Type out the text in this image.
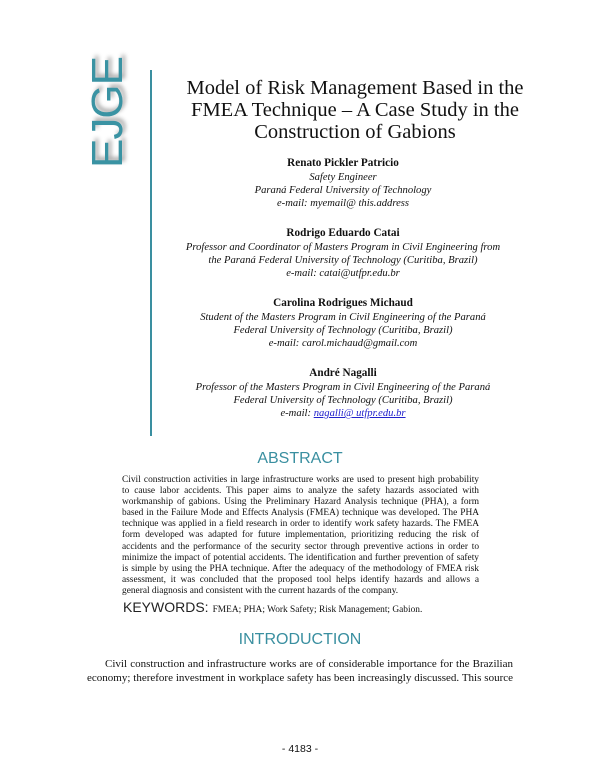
EJGE	Model of Risk Management Based in the
FMEA Technique – A Case Study in the
Construction of Gabions
Renato Pickler Patricio
Safety Engineer
Paraná Federal University of Technology
e-mail: myemail@ this.address
Rodrigo Eduardo Catai
Professor and Coordinator of Masters Program in Civil Engineering from
the Paraná Federal University of Technology (Curitiba, Brazil)
e-mail: catai@utfpr.edu.br
Carolina Rodrigues Michaud
Student of the Masters Program in Civil Engineering of the Paraná
Federal University of Technology (Curitiba, Brazil)
e-mail: carol.michaud@gmail.com
André Nagalli
Professor of the Masters Program in Civil Engineering of the Paraná
Federal University of Technology (Curitiba, Brazil)
e-mail: nagalli@ utfpr.edu.br
ABSTRACT
Civil construction activities in large infrastructure works are used to present high probability
to cause labor accidents. This paper aims to analyze the safety hazards associated with
workmanship of gabions. Using the Preliminary Hazard Analysis technique (PHA), a form
based in the Failure Mode and Effects Analysis (FMEA) technique was developed. The PHA
technique was applied in a field research in order to identify work safety hazards. The FMEA
form developed was adapted for future implementation, prioritizing reducing the risk of
accidents and the performance of the security sector through preventive actions in order to
minimize the impact of potential accidents. The identification and further prevention of safety
is simple by using the PHA technique. After the adequacy of the methodology of FMEA risk
assessment, it was concluded that the proposed tool helps identify hazards and allows a
general diagnosis and consistent with the current hazards of the company.
KEYWORDS: FMEA; PHA; Work Safety; Risk Management; Gabion.
INTRODUCTION
Civil construction and infrastructure works are of considerable importance for the Brazilian
economy; therefore investment in workplace safety has been increasingly discussed. This source
- 4183 -
